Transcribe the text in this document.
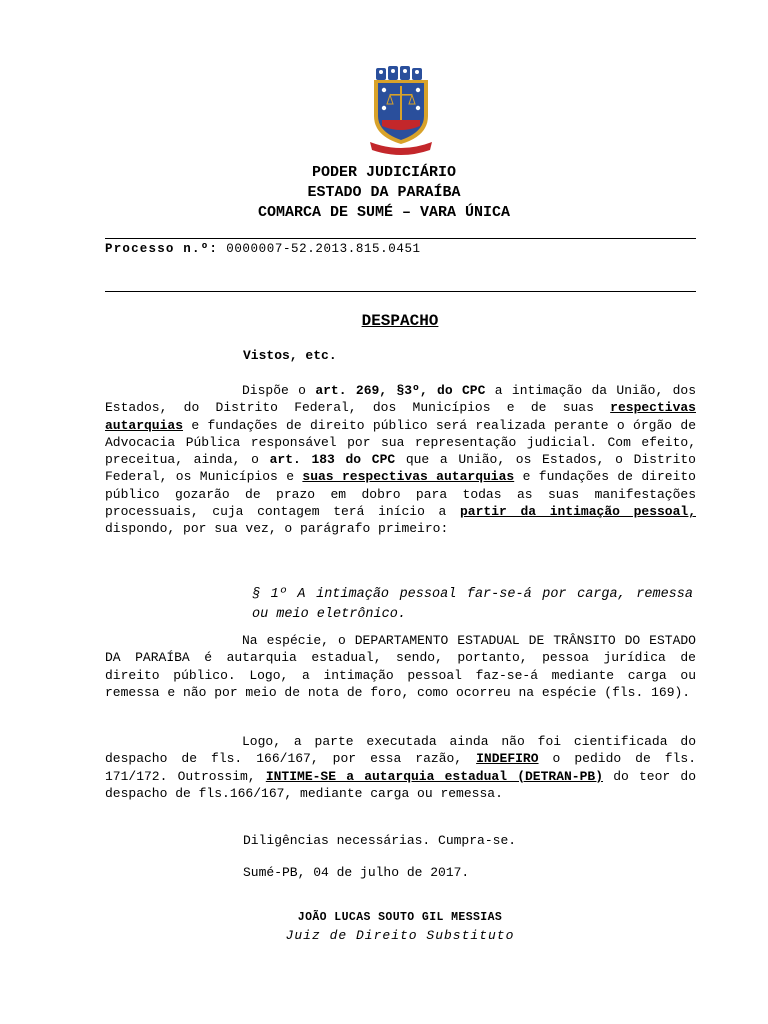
PODER JUDICIÁRIO
ESTADO DA PARAÍBA
COMARCA DE SUMÉ – VARA ÚNICA
Processo n.º: 0000007-52.2013.815.0451
DESPACHO
Vistos, etc.
Dispõe o art. 269, §3º, do CPC a intimação da União, dos Estados, do Distrito Federal, dos Municípios e de suas respectivas autarquias e fundações de direito público será realizada perante o órgão de Advocacia Pública responsável por sua representação judicial. Com efeito, preceitua, ainda, o art. 183 do CPC que a União, os Estados, o Distrito Federal, os Municípios e suas respectivas autarquias e fundações de direito público gozarão de prazo em dobro para todas as suas manifestações processuais, cuja contagem terá início a partir da intimação pessoal, dispondo, por sua vez, o parágrafo primeiro:
§ 1º A intimação pessoal far-se-á por carga, remessa ou meio eletrônico.
Na espécie, o DEPARTAMENTO ESTADUAL DE TRÂNSITO DO ESTADO DA PARAÍBA é autarquia estadual, sendo, portanto, pessoa jurídica de direito público. Logo, a intimação pessoal faz-se-á mediante carga ou remessa e não por meio de nota de foro, como ocorreu na espécie (fls. 169).
Logo, a parte executada ainda não foi cientificada do despacho de fls. 166/167, por essa razão, INDEFIRO o pedido de fls. 171/172. Outrossim, INTIME-SE a autarquia estadual (DETRAN-PB) do teor do despacho de fls.166/167, mediante carga ou remessa.
Diligências necessárias. Cumpra-se.
Sumé-PB, 04 de julho de 2017.
JOÃO LUCAS SOUTO GIL MESSIAS
Juiz de Direito Substituto
